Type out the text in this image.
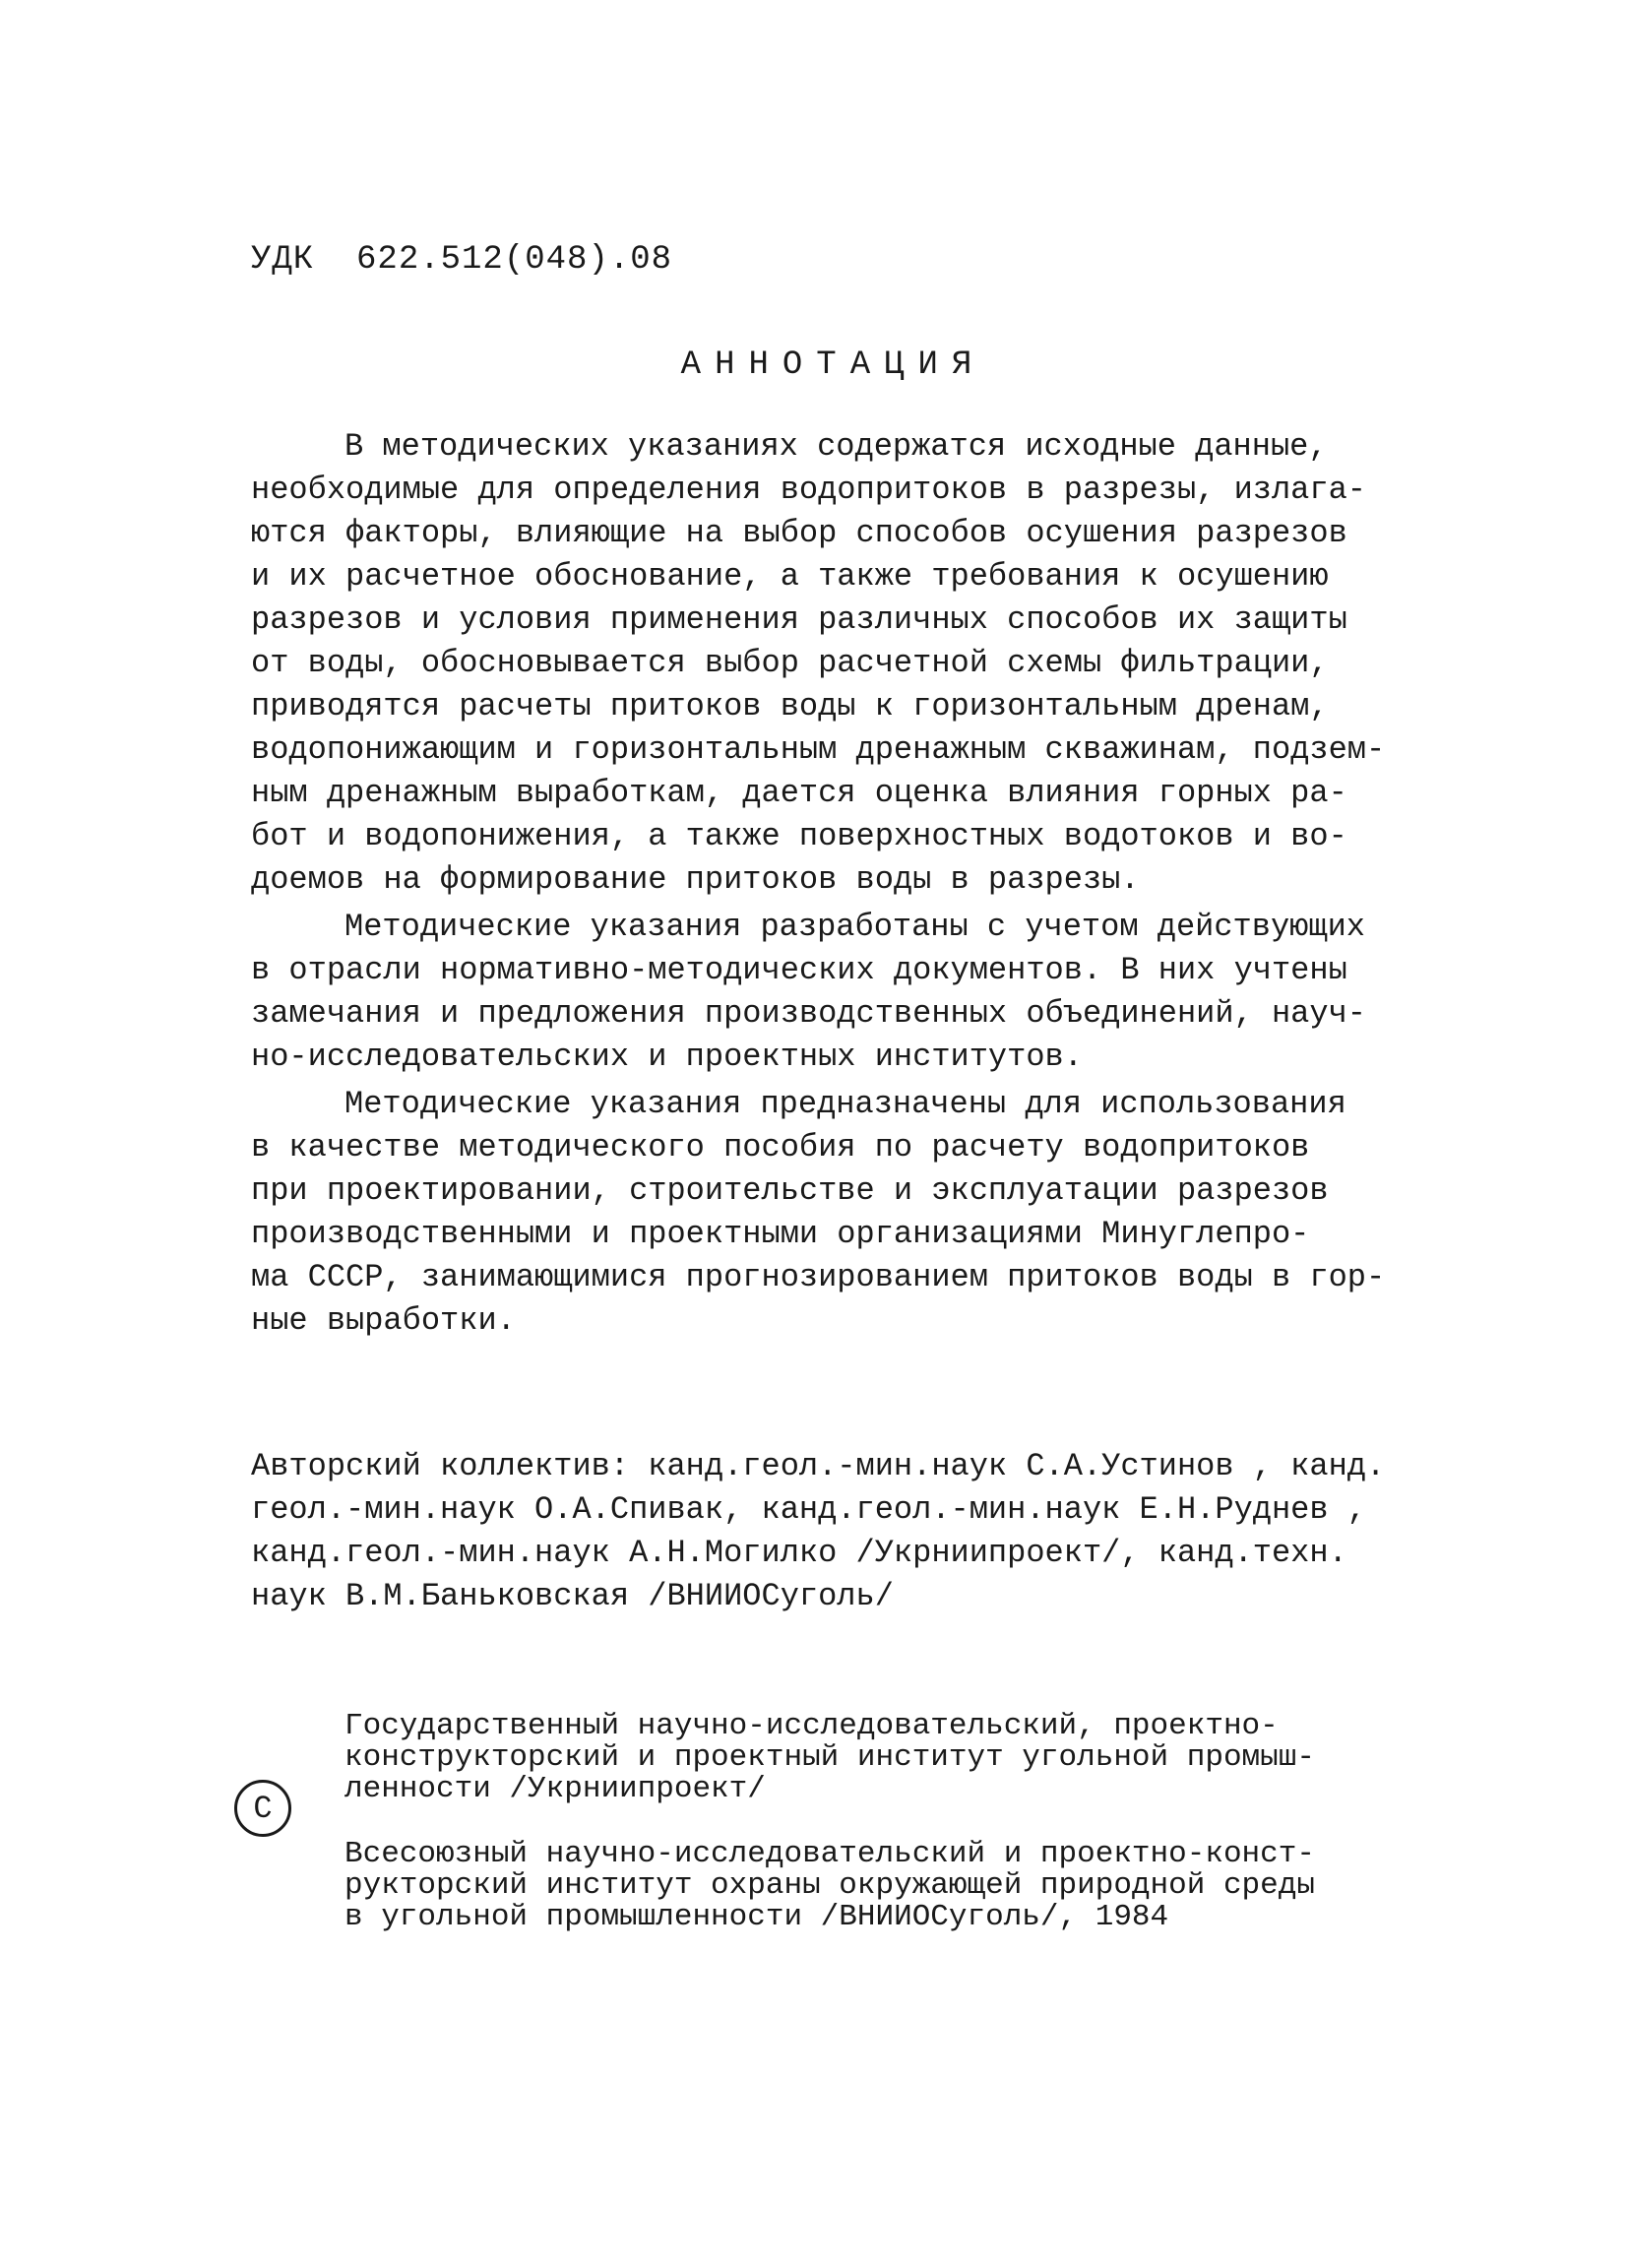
УДК  622.512(048).08
АННОТАЦИЯ
В методических указаниях содержатся исходные данные,
необходимые для определения водопритоков в разрезы, излага-
ются факторы, влияющие на выбор способов осушения разрезов
и их расчетное обоснование, а также требования к осушению
разрезов и условия применения различных способов их защиты
от воды, обосновывается выбор расчетной схемы фильтрации,
приводятся расчеты притоков воды к горизонтальным дренам,
водопонижающим и горизонтальным дренажным скважинам, подзем-
ным дренажным выработкам, дается оценка влияния горных ра-
бот и водопонижения, а также поверхностных водотоков и во-
доемов на формирование притоков воды в разрезы.
Методические указания разработаны с учетом действующих
в отрасли нормативно-методических документов. В них учтены
замечания и предложения производственных объединений, науч-
но-исследовательских и проектных институтов.
Методические указания предназначены для использования
в качестве методического пособия по расчету водопритоков
при проектировании, строительстве и эксплуатации разрезов
производственными и проектными организациями Минуглепро-
ма СССР, занимающимися прогнозированием притоков воды в гор-
ные выработки.
Авторский коллектив: канд.геол.-мин.наук С.А.Устинов , канд.
геол.-мин.наук О.А.Спивак, канд.геол.-мин.наук Е.Н.Руднев ,
канд.геол.-мин.наук А.Н.Могилко /Укрниипроект/, канд.техн.
наук В.М.Баньковская /ВНИИОСуголь/
С
Государственный научно-исследовательский, проектно-
конструкторский и проектный институт угольной промыш-
ленности /Укрниипроект/
Всесоюзный научно-исследовательский и проектно-конст-
рукторский институт охраны окружающей природной среды
в угольной промышленности /ВНИИОСуголь/, 1984
